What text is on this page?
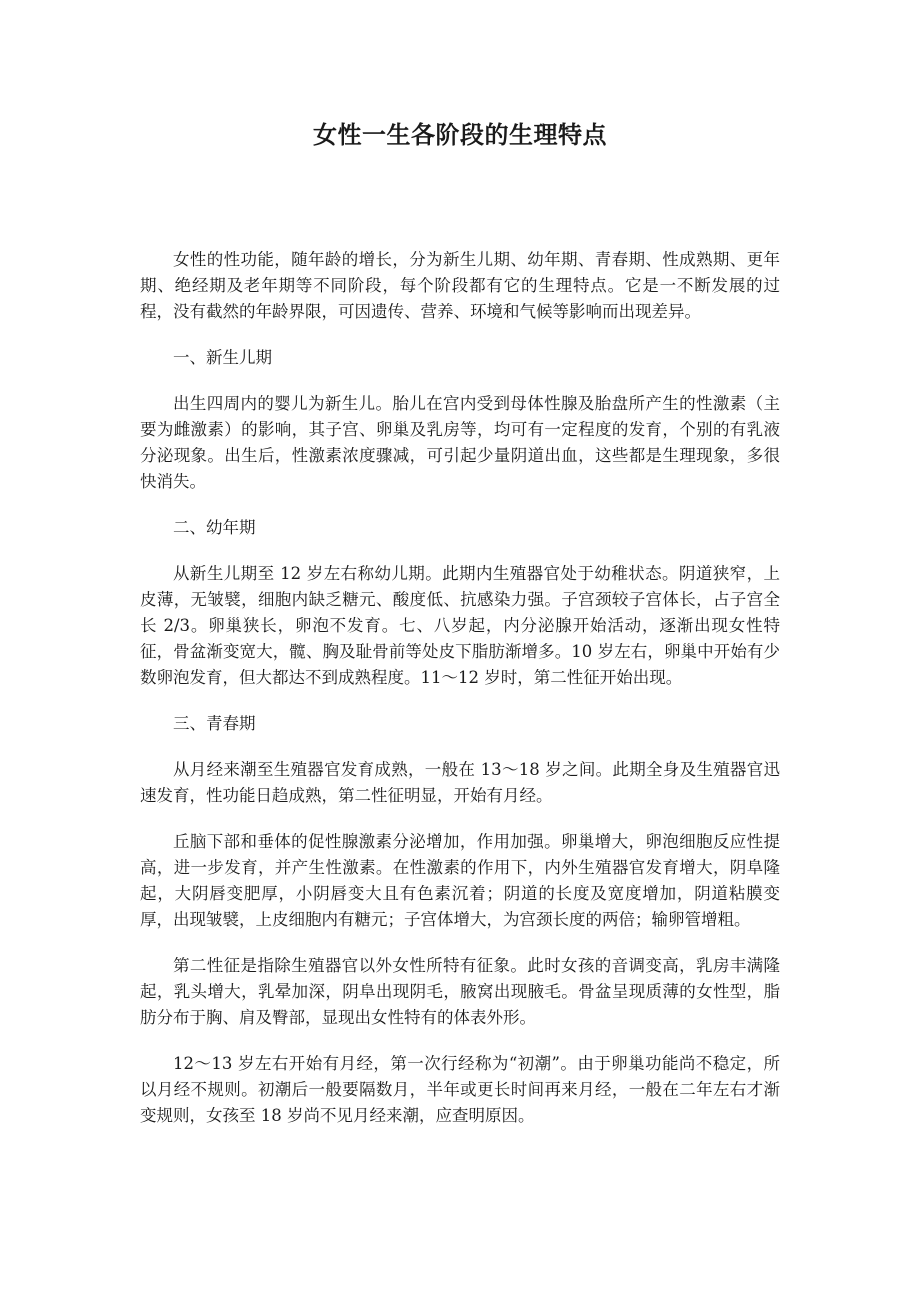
女性一生各阶段的生理特点

女性的性功能，随年龄的增长，分为新生儿期、幼年期、青春期、性成熟期、更年期、绝经期及老年期等不同阶段，每个阶段都有它的生理特点。它是一不断发展的过程，没有截然的年龄界限，可因遗传、营养、环境和气候等影响而出现差异。

一、新生儿期

出生四周内的婴儿为新生儿。胎儿在宫内受到母体性腺及胎盘所产生的性激素（主要为雌激素）的影响，其子宫、卵巢及乳房等，均可有一定程度的发育，个别的有乳液分泌现象。出生后，性激素浓度骤减，可引起少量阴道出血，这些都是生理现象，多很快消失。

二、幼年期

从新生儿期至 12 岁左右称幼儿期。此期内生殖器官处于幼稚状态。阴道狭窄，上皮薄，无皱襞，细胞内缺乏糖元、酸度低、抗感染力强。子宫颈较子宫体长，占子宫全长 2/3。卵巢狭长，卵泡不发育。七、八岁起，内分泌腺开始活动，逐渐出现女性特征，骨盆渐变宽大，髋、胸及耻骨前等处皮下脂肪渐增多。10 岁左右，卵巢中开始有少数卵泡发育，但大都达不到成熟程度。11～12 岁时，第二性征开始出现。

三、青春期

从月经来潮至生殖器官发育成熟，一般在 13～18 岁之间。此期全身及生殖器官迅速发育，性功能日趋成熟，第二性征明显，开始有月经。

丘脑下部和垂体的促性腺激素分泌增加，作用加强。卵巢增大，卵泡细胞反应性提高，进一步发育，并产生性激素。在性激素的作用下，内外生殖器官发育增大，阴阜隆起，大阴唇变肥厚，小阴唇变大且有色素沉着；阴道的长度及宽度增加，阴道粘膜变厚，出现皱襞，上皮细胞内有糖元；子宫体增大，为宫颈长度的两倍；输卵管增粗。

第二性征是指除生殖器官以外女性所特有征象。此时女孩的音调变高，乳房丰满隆起，乳头增大，乳晕加深，阴阜出现阴毛，腋窝出现腋毛。骨盆呈现质薄的女性型，脂肪分布于胸、肩及臀部，显现出女性特有的体表外形。

12～13 岁左右开始有月经，第一次行经称为“初潮”。由于卵巢功能尚不稳定，所以月经不规则。初潮后一般要隔数月，半年或更长时间再来月经，一般在二年左右才渐变规则，女孩至 18 岁尚不见月经来潮，应查明原因。
